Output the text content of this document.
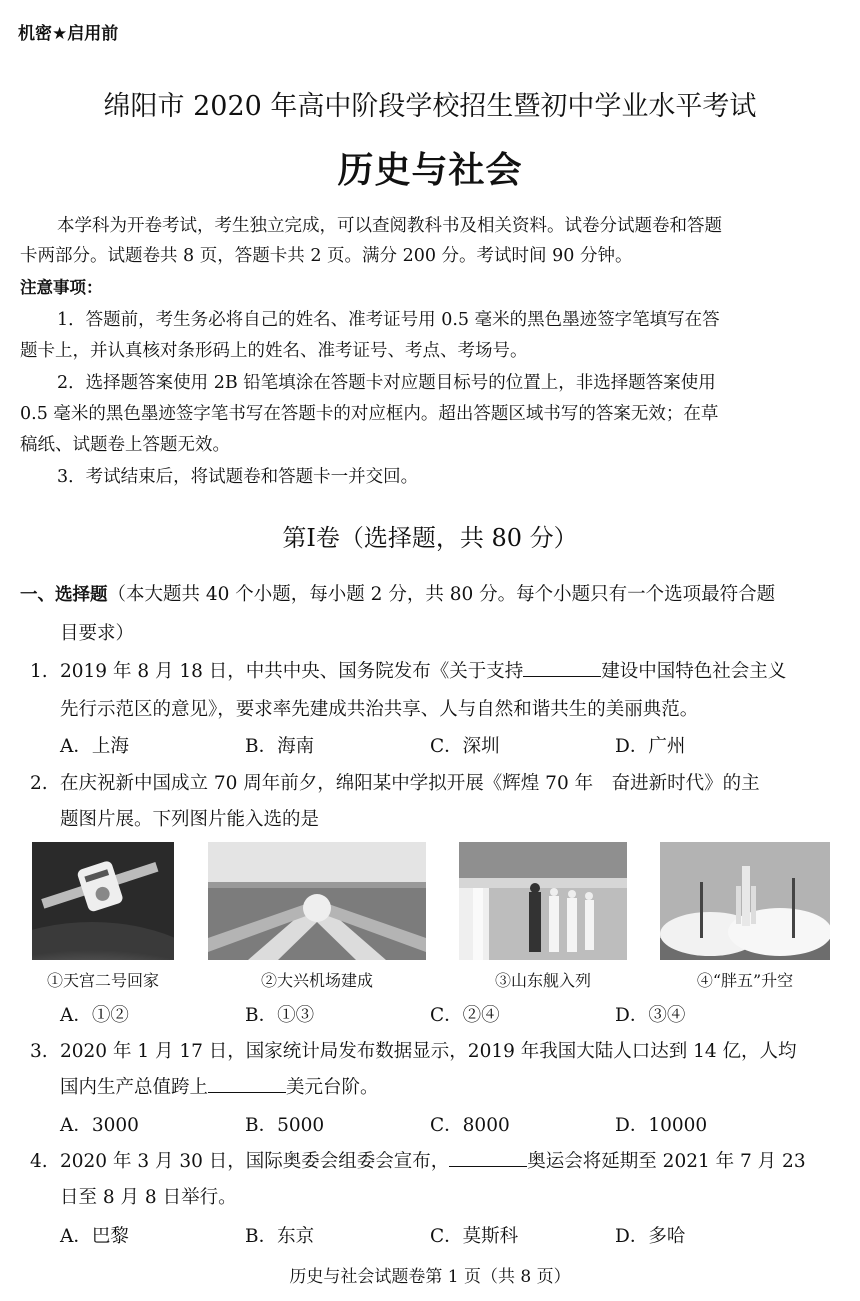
机密★启用前
绵阳市 2020 年高中阶段学校招生暨初中学业水平考试
历史与社会
本学科为开卷考试，考生独立完成，可以查阅教科书及相关资料。试卷分试题卷和答题
卡两部分。试题卷共 8 页，答题卡共 2 页。满分 200 分。考试时间 90 分钟。
注意事项：
1．答题前，考生务必将自己的姓名、准考证号用 0.5 毫米的黑色墨迹签字笔填写在答
题卡上，并认真核对条形码上的姓名、准考证号、考点、考场号。
2．选择题答案使用 2B 铅笔填涂在答题卡对应题目标号的位置上，非选择题答案使用
0.5 毫米的黑色墨迹签字笔书写在答题卡的对应框内。超出答题区域书写的答案无效；在草
稿纸、试题卷上答题无效。
3．考试结束后，将试题卷和答题卡一并交回。
第Ⅰ卷（选择题，共 80 分）
一、选择题（本大题共 40 个小题，每小题 2 分，共 80 分。每个小题只有一个选项最符合题
目要求）
1. 2019 年 8 月 18 日，中共中央、国务院发布《关于支持	建设中国特色社会主义
先行示范区的意见》，要求率先建成共治共享、人与自然和谐共生的美丽典范。
A．上海	B．海南	C．深圳	D．广州
2. 在庆祝新中国成立 70 周年前夕，绵阳某中学拟开展《辉煌 70 年　奋进新时代》的主
题图片展。下列图片能入选的是
①天宫二号回家	②大兴机场建成	③山东舰入列	④“胖五”升空
A．①②	B．①③	C．②④	D．③④
3. 2020 年 1 月 17 日，国家统计局发布数据显示，2019 年我国大陆人口达到 14 亿，人均
国内生产总值跨上	美元台阶。
A．3000	B．5000	C．8000	D．10000
4. 2020 年 3 月 30 日，国际奥委会组委会宣布，	奥运会将延期至 2021 年 7 月 23
日至 8 月 8 日举行。
A．巴黎	B．东京	C．莫斯科	D．多哈
历史与社会试题卷第 1 页（共 8 页）
